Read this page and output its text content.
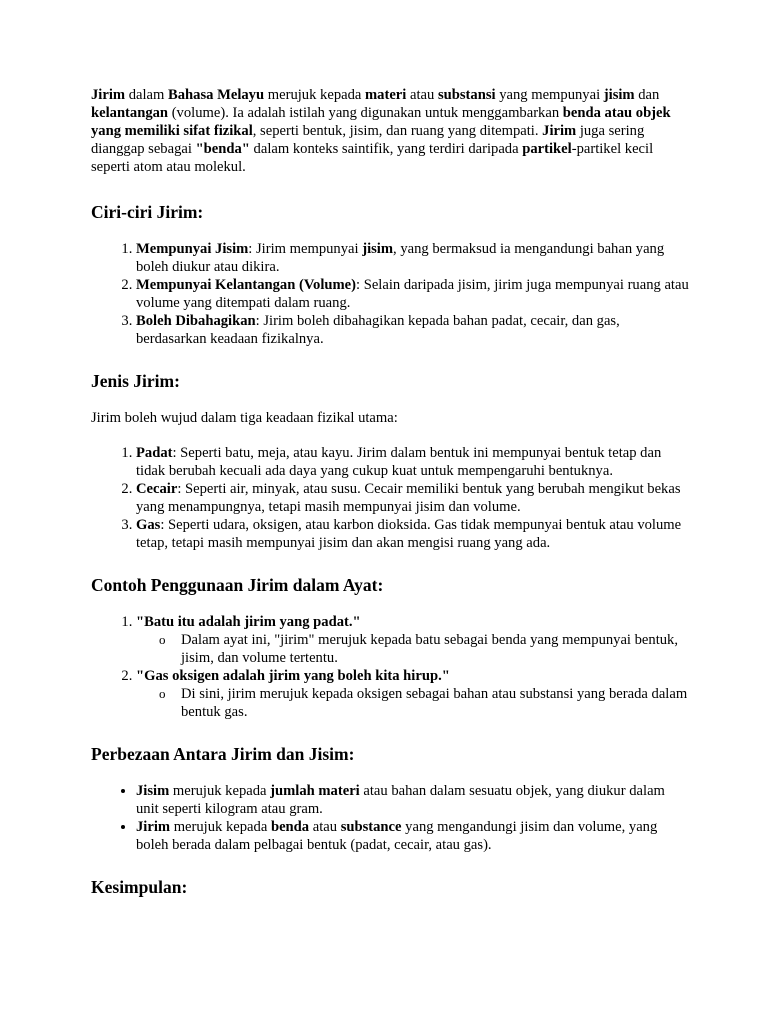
Jirim dalam Bahasa Melayu merujuk kepada materi atau substansi yang mempunyai jisim dan kelantangan (volume). Ia adalah istilah yang digunakan untuk menggambarkan benda atau objek yang memiliki sifat fizikal, seperti bentuk, jisim, dan ruang yang ditempati. Jirim juga sering dianggap sebagai "benda" dalam konteks saintifik, yang terdiri daripada partikel-partikel kecil seperti atom atau molekul.

Ciri-ciri Jirim:
1. Mempunyai Jisim: Jirim mempunyai jisim, yang bermaksud ia mengandungi bahan yang boleh diukur atau dikira.
2. Mempunyai Kelantangan (Volume): Selain daripada jisim, jirim juga mempunyai ruang atau volume yang ditempati dalam ruang.
3. Boleh Dibahagikan: Jirim boleh dibahagikan kepada bahan padat, cecair, dan gas, berdasarkan keadaan fizikalnya.
Jenis Jirim:

Jirim boleh wujud dalam tiga keadaan fizikal utama:

1. Padat: Seperti batu, meja, atau kayu. Jirim dalam bentuk ini mempunyai bentuk tetap dan tidak berubah kecuali ada daya yang cukup kuat untuk mempengaruhi bentuknya.
2. Cecair: Seperti air, minyak, atau susu. Cecair memiliki bentuk yang berubah mengikut bekas yang menampungnya, tetapi masih mempunyai jisim dan volume.
3. Gas: Seperti udara, oksigen, atau karbon dioksida. Gas tidak mempunyai bentuk atau volume tetap, tetapi masih mempunyai jisim dan akan mengisi ruang yang ada.
Contoh Penggunaan Jirim dalam Ayat:
1. "Batu itu adalah jirim yang padat."
o Dalam ayat ini, "jirim" merujuk kepada batu sebagai benda yang mempunyai bentuk, jisim, dan volume tertentu.
2. "Gas oksigen adalah jirim yang boleh kita hirup."
o Di sini, jirim merujuk kepada oksigen sebagai bahan atau substansi yang berada dalam bentuk gas.
Perbezaan Antara Jirim dan Jisim:
• Jisim merujuk kepada jumlah materi atau bahan dalam sesuatu objek, yang diukur dalam unit seperti kilogram atau gram.
• Jirim merujuk kepada benda atau substance yang mengandungi jisim dan volume, yang boleh berada dalam pelbagai bentuk (padat, cecair, atau gas).
Kesimpulan:
